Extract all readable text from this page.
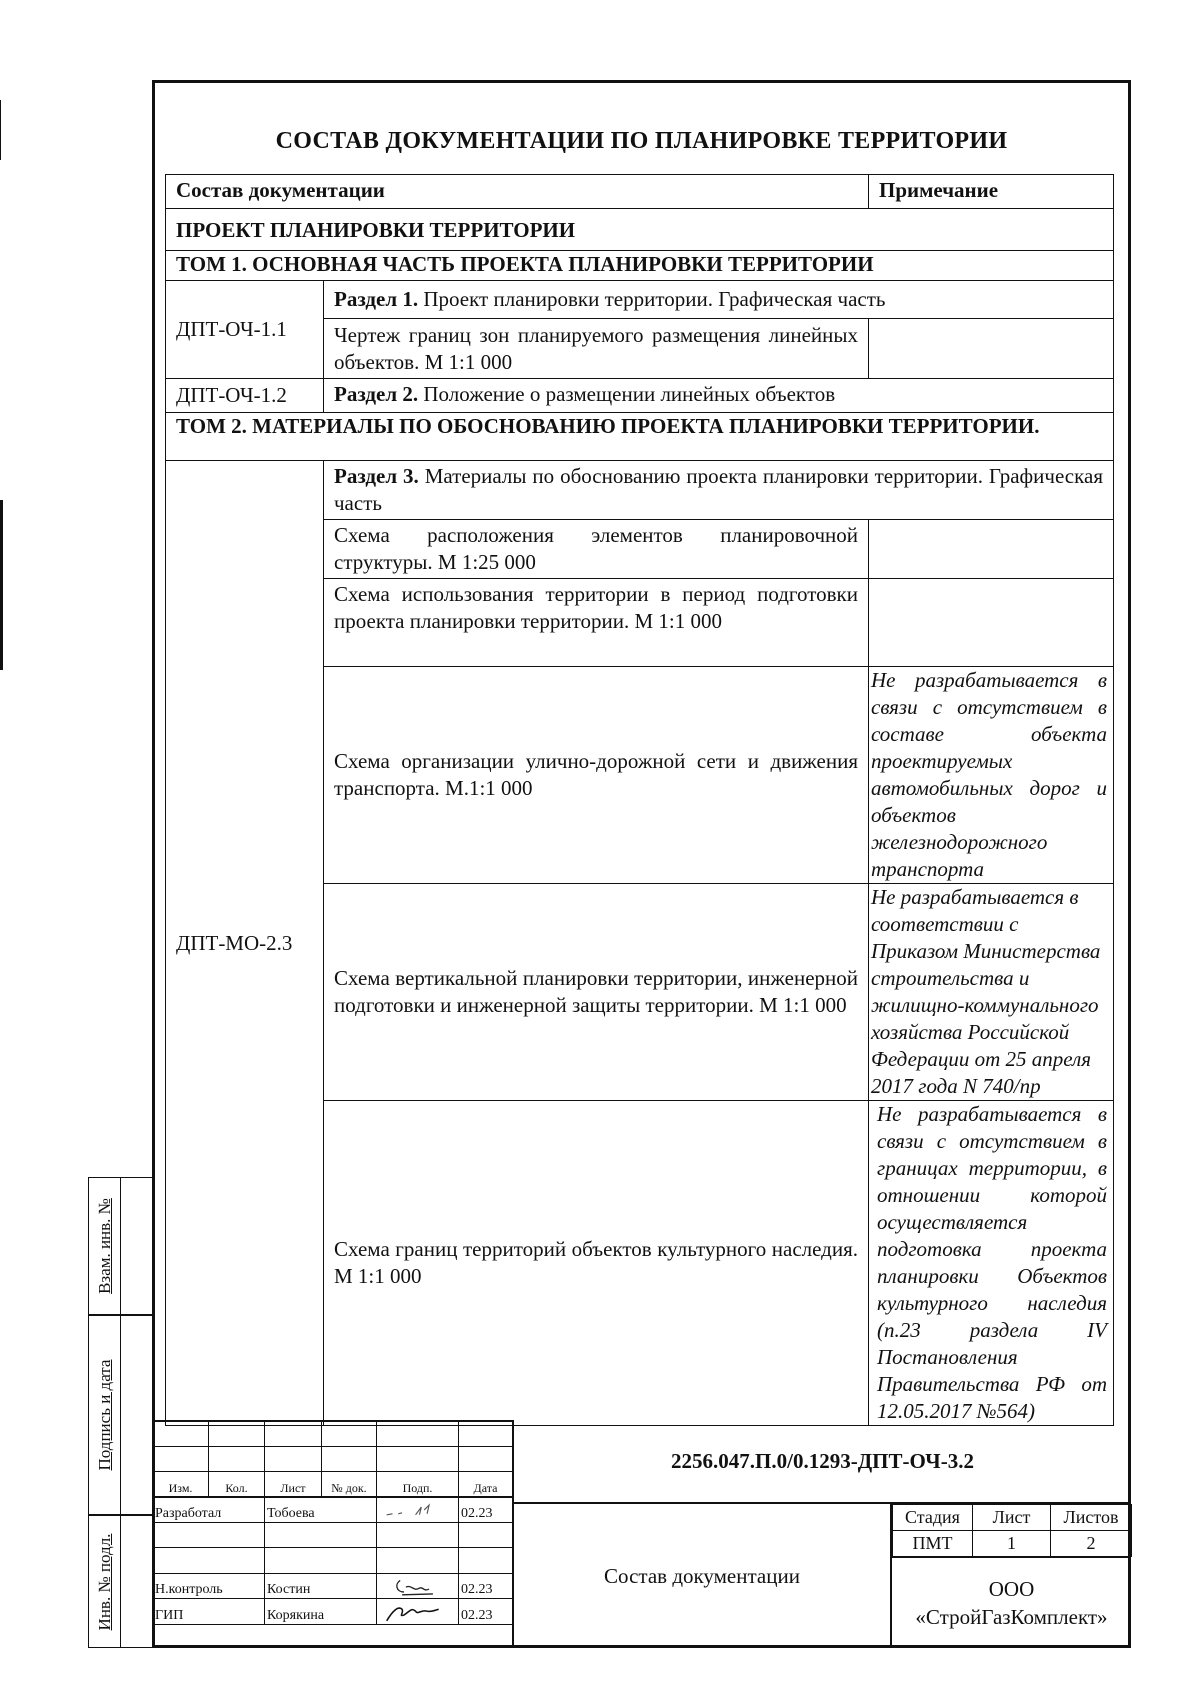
СОСТАВ ДОКУМЕНТАЦИИ ПО ПЛАНИРОВКЕ ТЕРРИТОРИИ
Состав документации		Примечание
ПРОЕКТ ПЛАНИРОВКИ ТЕРРИТОРИИ		
ТОМ 1. ОСНОВНАЯ ЧАСТЬ ПРОЕКТА ПЛАНИРОВКИ ТЕРРИТОРИИ		
ДПТ-ОЧ-1.1	Раздел 1. Проект планировки территории. Графическая часть	
	Чертеж границ зон планируемого размещения линейных объектов. М 1:1 000	
ДПТ-ОЧ-1.2	Раздел 2. Положение о размещении линейных объектов	
ТОМ 2. МАТЕРИАЛЫ ПО ОБОСНОВАНИЮ ПРОЕКТА ПЛАНИРОВКИ ТЕРРИТОРИИ.		
ДПТ-МО-2.3	Раздел 3. Материалы по обоснованию проекта планировки территории. Графическая часть	
	Схема расположения элементов планировочной структуры. М 1:25 000	
	Схема использования территории в период подготовки проекта планировки территории. М 1:1 000	
	Схема организации улично-дорожной сети и движения транспорта. М.1:1 000	Не разрабатывается в связи с отсутствием в составе объекта проектируемых автомобильных дорог и объектов железнодорожного транспорта
	Схема вертикальной планировки территории, инженерной подготовки и инженерной защиты территории. М 1:1 000	Не разрабатывается в соответствии с Приказом Министерства строительства и жилищно-коммунального хозяйства Российской Федерации от 25 апреля 2017 года N 740/пр
	Схема границ территорий объектов культурного наследия. М 1:1 000	Не разрабатывается в связи с отсутствием в границах территории, в отношении которой осуществляется подготовка проекта планировки Объектов культурного наследия (п.23 раздела IV Постановления Правительства РФ от 12.05.2017 №564)
Взам. инв. №
Подпись и дата
Инв. № подл.

Изм.	Кол.	Лист	№ док.	Подп.	Дата
Разработал		Тобоева			02.23

Н.контроль		Костин			02.23
ГИП		Корякина			02.23
2256.047.П.0/0.1293-ДПТ-ОЧ-3.2
Состав документации
Стадия	Лист	Листов
ПМТ	1	2
ООО
«СтройГазКомплект»
